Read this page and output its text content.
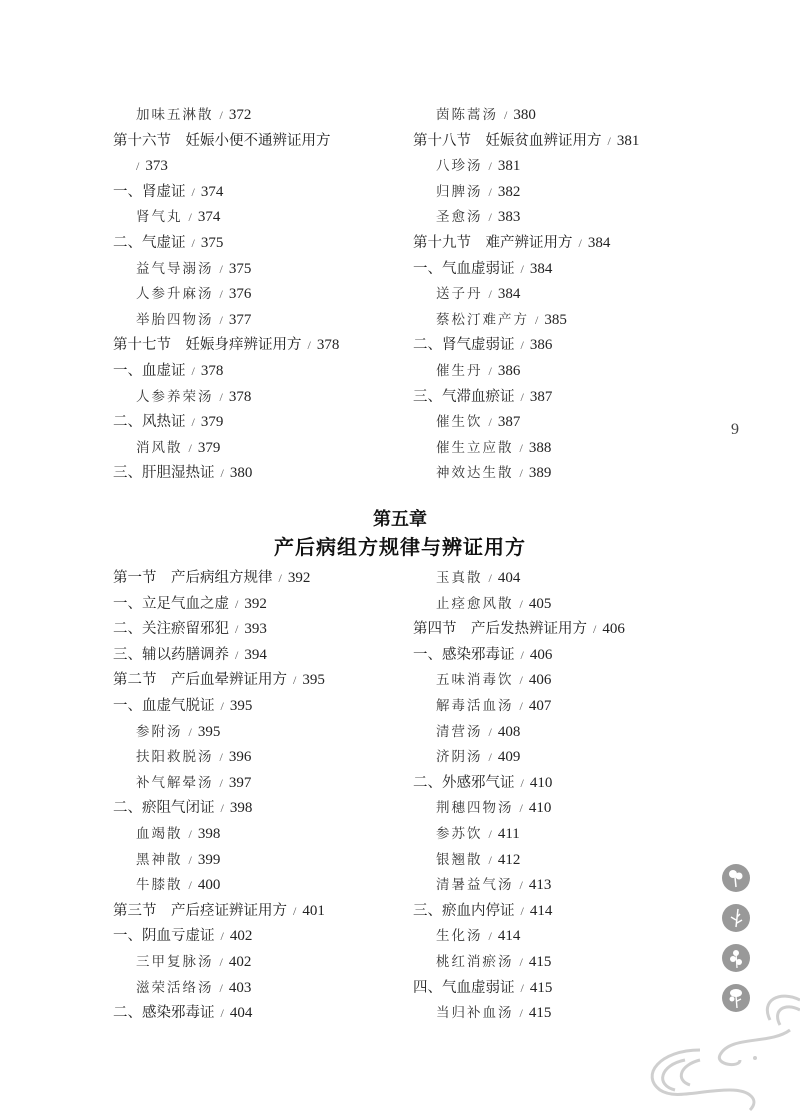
加味五淋散 / 372
第十六节　妊娠小便不通辨证用方
/ 373
一、肾虚证 / 374
肾气丸 / 374
二、气虚证 / 375
益气导溺汤 / 375
人参升麻汤 / 376
举胎四物汤 / 377
第十七节　妊娠身痒辨证用方 / 378
一、血虚证 / 378
人参养荣汤 / 378
二、风热证 / 379
消风散 / 379
三、肝胆湿热证 / 380
茵陈蒿汤 / 380
第十八节　妊娠贫血辨证用方 / 381
八珍汤 / 381
归脾汤 / 382
圣愈汤 / 383
第十九节　难产辨证用方 / 384
一、气血虚弱证 / 384
送子丹 / 384
蔡松汀难产方 / 385
二、肾气虚弱证 / 386
催生丹 / 386
三、气滞血瘀证 / 387
催生饮 / 387
催生立应散 / 388
神效达生散 / 389
第五章
产后病组方规律与辨证用方
第一节　产后病组方规律 / 392
一、立足气血之虚 / 392
二、关注瘀留邪犯 / 393
三、辅以药膳调养 / 394
第二节　产后血晕辨证用方 / 395
一、血虚气脱证 / 395
参附汤 / 395
扶阳救脱汤 / 396
补气解晕汤 / 397
二、瘀阻气闭证 / 398
血竭散 / 398
黑神散 / 399
牛膝散 / 400
第三节　产后痉证辨证用方 / 401
一、阴血亏虚证 / 402
三甲复脉汤 / 402
滋荣活络汤 / 403
二、感染邪毒证 / 404
玉真散 / 404
止痉愈风散 / 405
第四节　产后发热辨证用方 / 406
一、感染邪毒证 / 406
五味消毒饮 / 406
解毒活血汤 / 407
清营汤 / 408
济阴汤 / 409
二、外感邪气证 / 410
荆穗四物汤 / 410
参苏饮 / 411
银翘散 / 412
清暑益气汤 / 413
三、瘀血内停证 / 414
生化汤 / 414
桃红消瘀汤 / 415
四、气血虚弱证 / 415
当归补血汤 / 415
9
